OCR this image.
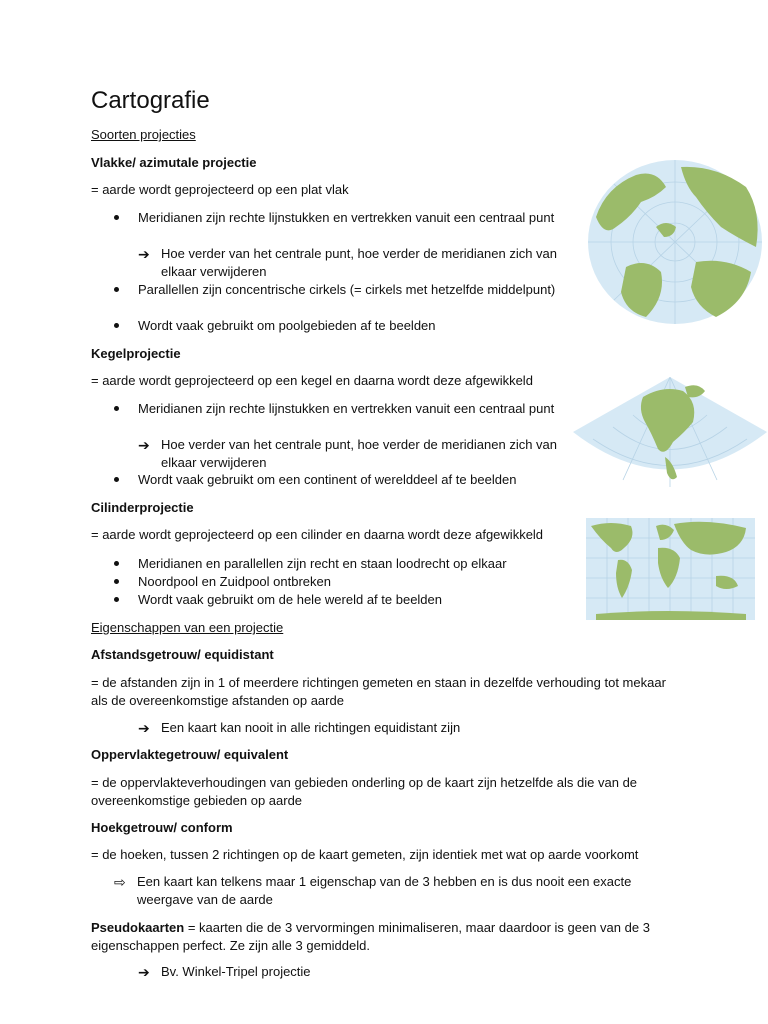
Cartografie
Soorten projecties
Vlakke/ azimutale projectie
= aarde wordt geprojecteerd op een plat vlak
Meridianen zijn rechte lijnstukken en vertrekken vanuit een centraal punt
➔ Hoe verder van het centrale punt, hoe verder de meridianen zich van elkaar verwijderen
Parallellen zijn concentrische cirkels (= cirkels met hetzelfde middelpunt)
Wordt vaak gebruikt om poolgebieden af te beelden
Kegelprojectie
= aarde wordt geprojecteerd op een kegel en daarna wordt deze afgewikkeld
Meridianen zijn rechte lijnstukken en vertrekken vanuit een centraal punt
➔ Hoe verder van het centrale punt, hoe verder de meridianen zich van elkaar verwijderen
Wordt vaak gebruikt om een continent of werelddeel af te beelden
Cilinderprojectie
= aarde wordt geprojecteerd op een cilinder en daarna wordt deze afgewikkeld
Meridianen en parallellen zijn recht en staan loodrecht op elkaar
Noordpool en Zuidpool ontbreken
Wordt vaak gebruikt om de hele wereld af te beelden
Eigenschappen van een projectie
Afstandsgetrouw/ equidistant
= de afstanden zijn in 1 of meerdere richtingen gemeten en staan in dezelfde verhouding tot mekaar als de overeenkomstige afstanden op aarde
➔ Een kaart kan nooit in alle richtingen equidistant zijn
Oppervlaktegetrouw/ equivalent
= de oppervlakteverhoudingen van gebieden onderling op de kaart zijn hetzelfde als die van de overeenkomstige gebieden op aarde
Hoekgetrouw/ conform
= de hoeken, tussen 2 richtingen op de kaart gemeten, zijn identiek met wat op aarde voorkomt
⇨ Een kaart kan telkens maar 1 eigenschap van de 3 hebben en is dus nooit een exacte weergave van de aarde
Pseudokaarten = kaarten die de 3 vervormingen minimaliseren, maar daardoor is geen van de 3 eigenschappen perfect. Ze zijn alle 3 gemiddeld.
➔ Bv. Winkel-Tripel projectie
